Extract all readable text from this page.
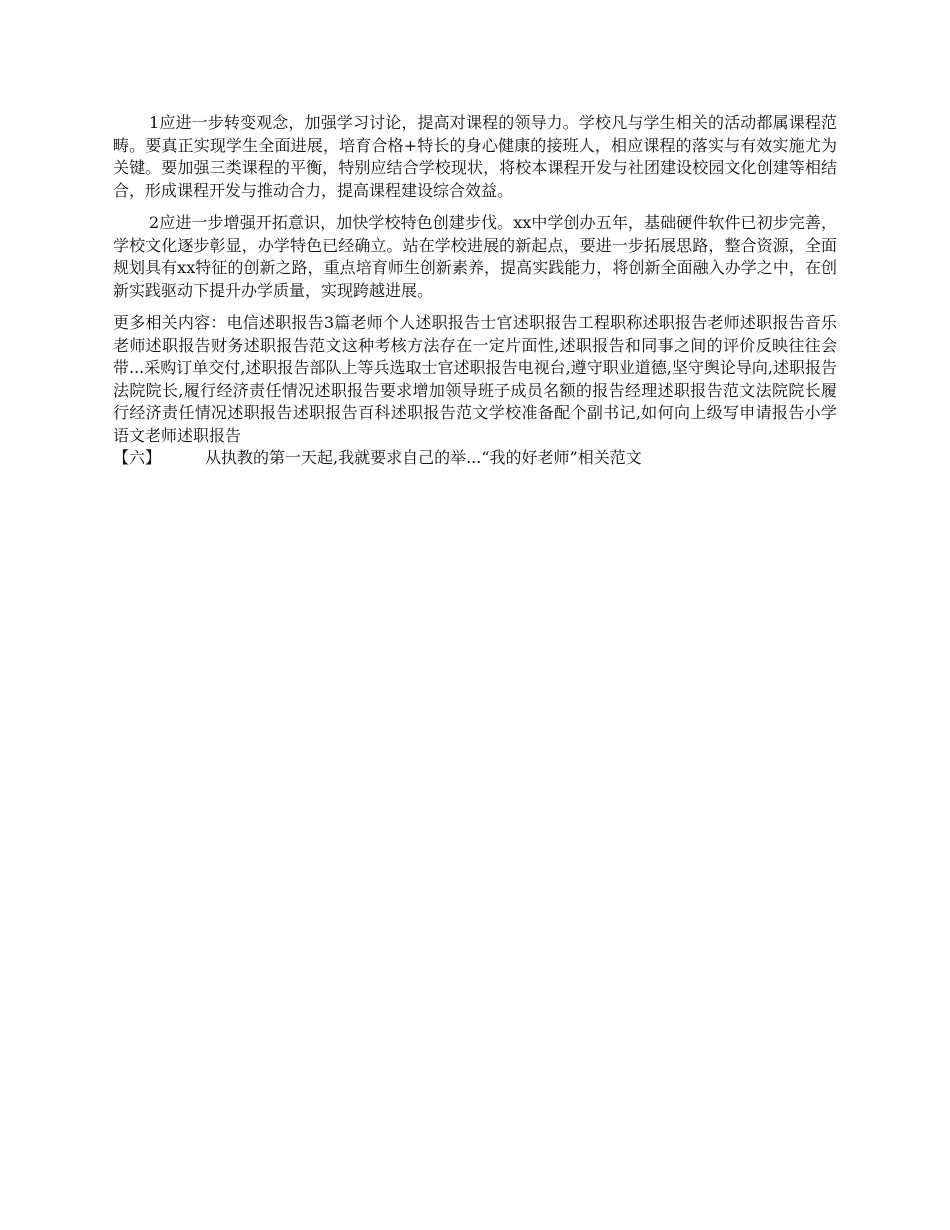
1应进一步转变观念，加强学习讨论，提高对课程的领导力。学校凡与学生相关的活动都属课程范畴。要真正实现学生全面进展，培育合格+特长的身心健康的接班人，相应课程的落实与有效实施尤为关键。要加强三类课程的平衡，特别应结合学校现状，将校本课程开发与社团建设校园文化创建等相结合，形成课程开发与推动合力，提高课程建设综合效益。

2应进一步增强开拓意识，加快学校特色创建步伐。xx中学创办五年，基础硬件软件已初步完善，学校文化逐步彰显，办学特色已经确立。站在学校进展的新起点，要进一步拓展思路，整合资源，全面规划具有xx特征的创新之路，重点培育师生创新素养，提高实践能力，将创新全面融入办学之中，在创新实践驱动下提升办学质量，实现跨越进展。

更多相关内容：电信述职报告3篇老师个人述职报告士官述职报告工程职称述职报告老师述职报告音乐老师述职报告财务述职报告范文这种考核方法存在一定片面性,述职报告和同事之间的评价反映往往会带...采购订单交付,述职报告部队上等兵选取士官述职报告电视台,遵守职业道德,坚守舆论导向,述职报告法院院长,履行经济责任情况述职报告要求增加领导班子成员名额的报告经理述职报告范文法院院长履行经济责任情况述职报告述职报告百科述职报告范文学校准备配个副书记,如何向上级写申请报告小学语文老师述职报告

【六】	从执教的第一天起,我就要求自己的举...“我的好老师”相关范文
